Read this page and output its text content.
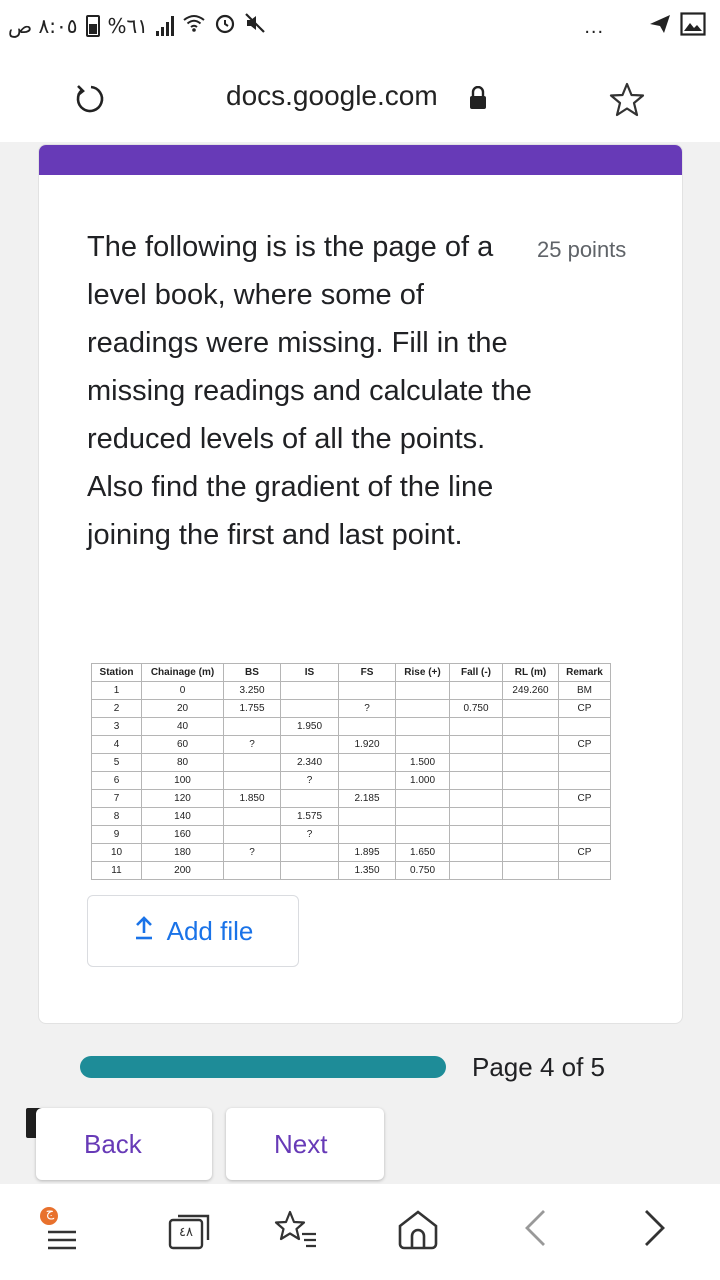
٨:٠٥ ص %٦١	...
docs.google.com
The following is is the page of a level book, where some of readings were missing. Fill in the missing readings and calculate the reduced levels of all the points. Also find the gradient of the line joining the first and last point.
25 points
Station	Chainage (m)	BS	IS	FS	Rise (+)	Fall (-)	RL (m)	Remark
1	0	3.250					249.260	BM
2	20	1.755		?		0.750		CP
3	40		1.950					
4	60	?		1.920				CP
5	80		2.340		1.500			
6	100		?		1.000			
7	120	1.850		2.185				CP
8	140		1.575					
9	160		?					
10	180	?		1.895	1.650			CP
11	200			1.350	0.750			
Add file
Page 4 of 5
Back	Next
ج
٤٨
